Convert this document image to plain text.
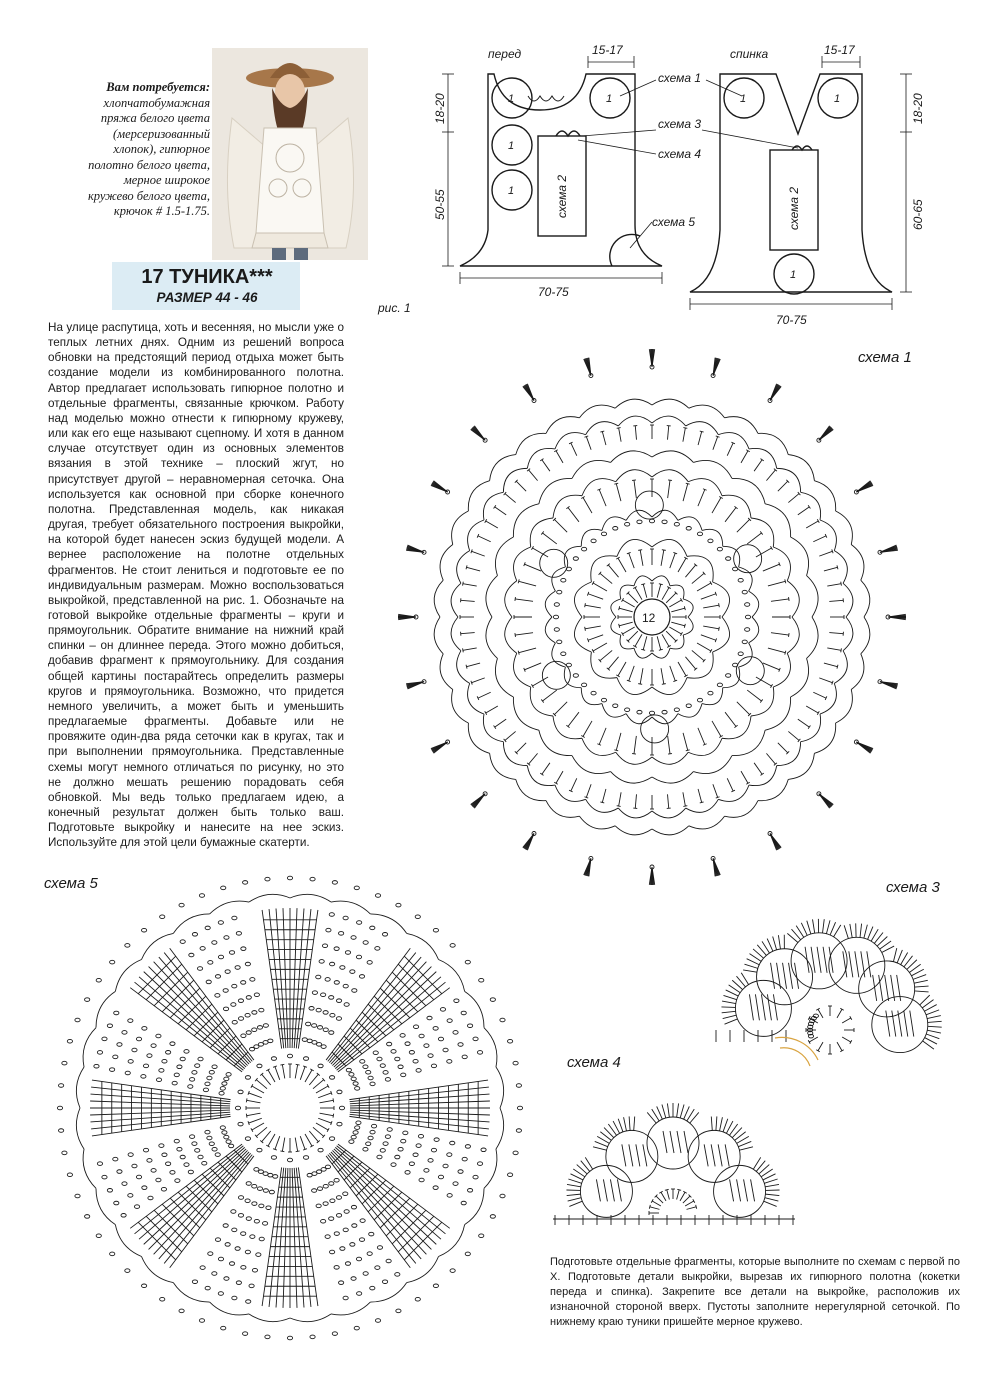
Вам потребуется:
хлопчатобумажная
пряжа белого цвета
(мерсеризованный
хлопок), гипюрное
полотно белого цвета,
мерное широкое
кружево белого цвета,
крючок # 1.5-1.75.
17 ТУНИКА***
РАЗМЕР 44 - 46

На улице распутица, хоть и весенняя, но мысли уже о теплых летних днях. Одним из решений вопроса обновки на предстоящий период отдыха может быть создание модели из комбинированного полотна. Автор предлагает использовать гипюрное полотно и отдельные фрагменты, связанные крючком. Работу над моделью можно отнести к гипюрному кружеву, или как его еще называют сцепному. И хотя в данном случае отсутствует один из основных элементов вязания в этой технике – плоский жгут, но присутствует другой – неравномерная сеточка. Она используется как основной при сборке конечного полотна. Представленная модель, как никакая другая, требует обязательного построения выкройки, на которой будет нанесен эскиз будущей модели. А вернее расположение на полотне отдельных фрагментов. Не стоит лениться и подготовьте ее по индивидуальным размерам. Можно воспользоваться выкройкой, представленной на рис. 1. Обозначьте на готовой выкройке отдельные фрагменты – круги и прямоугольник. Обратите внимание на нижний край спинки – он длиннее переда. Этого можно добиться, добавив фрагмент к прямоугольнику. Для создания общей картины постарайтесь определить размеры кругов и прямоугольника. Возможно, что придется немного увеличить, а может быть и уменьшить предлагаемые фрагменты. Добавьте или не провяжите один-два ряда сеточки как в кругах, так и при выполнении прямоугольника. Представленные схемы могут немного отличаться по рисунку, но это не должно мешать решению порадовать себя обновкой. Мы ведь только предлагаем идею, а конечный результат должен быть только ваш. Подготовьте выкройку и нанесите на нее эскиз. Используйте для этой цели бумажные скатерти.

перед	спинка
15-17	15-17
18-20
50-55
18-20
60-65
70-75
70-75
рис. 1
схема 1
схема 3
схема 4
схема 5
схема 2	схема 2
1
1
1
1	1	1
1
схема 1
12
схема 5	схема 3
схема 4

Подготовьте отдельные фрагменты, которые выполните по схемам с первой по X. Подготовьте детали выкройки, вырезав их гипюрного полотна (кокетки переда и спинка). Закрепите все детали на выкройке, расположив их изнаночной стороной вверх. Пустоты заполните нерегулярной сеточкой. По нижнему краю туники пришейте мерное кружево.
